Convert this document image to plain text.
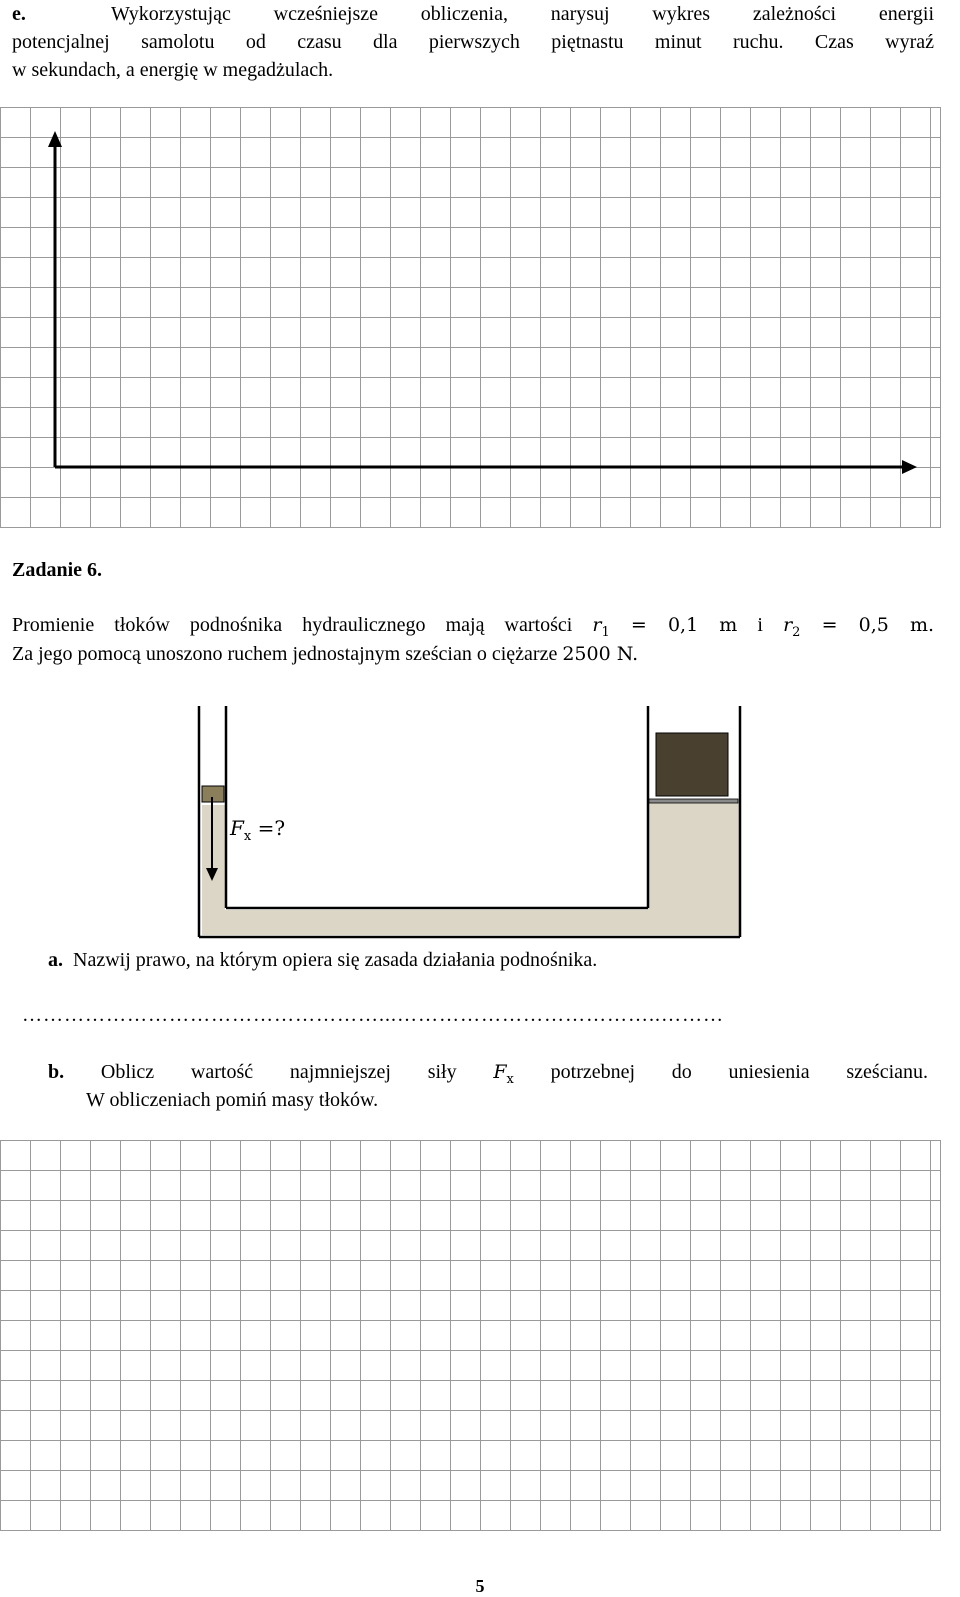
e.	Wykorzystując wcześniejsze obliczenia, narysuj wykres zależności energii
potencjalnej samolotu od czasu dla pierwszych piętnastu minut ruchu. Czas wyraź
w sekundach, a energię w megadżulach.
Zadanie 6.
Promienie tłoków podnośnika hydraulicznego mają wartości $r_1 = 0,1$ m i $r_2 = 0,5$ m.
Za jego pomocą unoszono ruchem jednostajnym sześcian o ciężarze 2500 N.
$F_x$ =?
a. Nazwij prawo, na którym opiera się zasada działania podnośnika.
……………………………………………...………………………………..………
b. Oblicz wartość najmniejszej siły $F_x$ potrzebnej do uniesienia sześcianu.
W obliczeniach pomiń masy tłoków.
5
